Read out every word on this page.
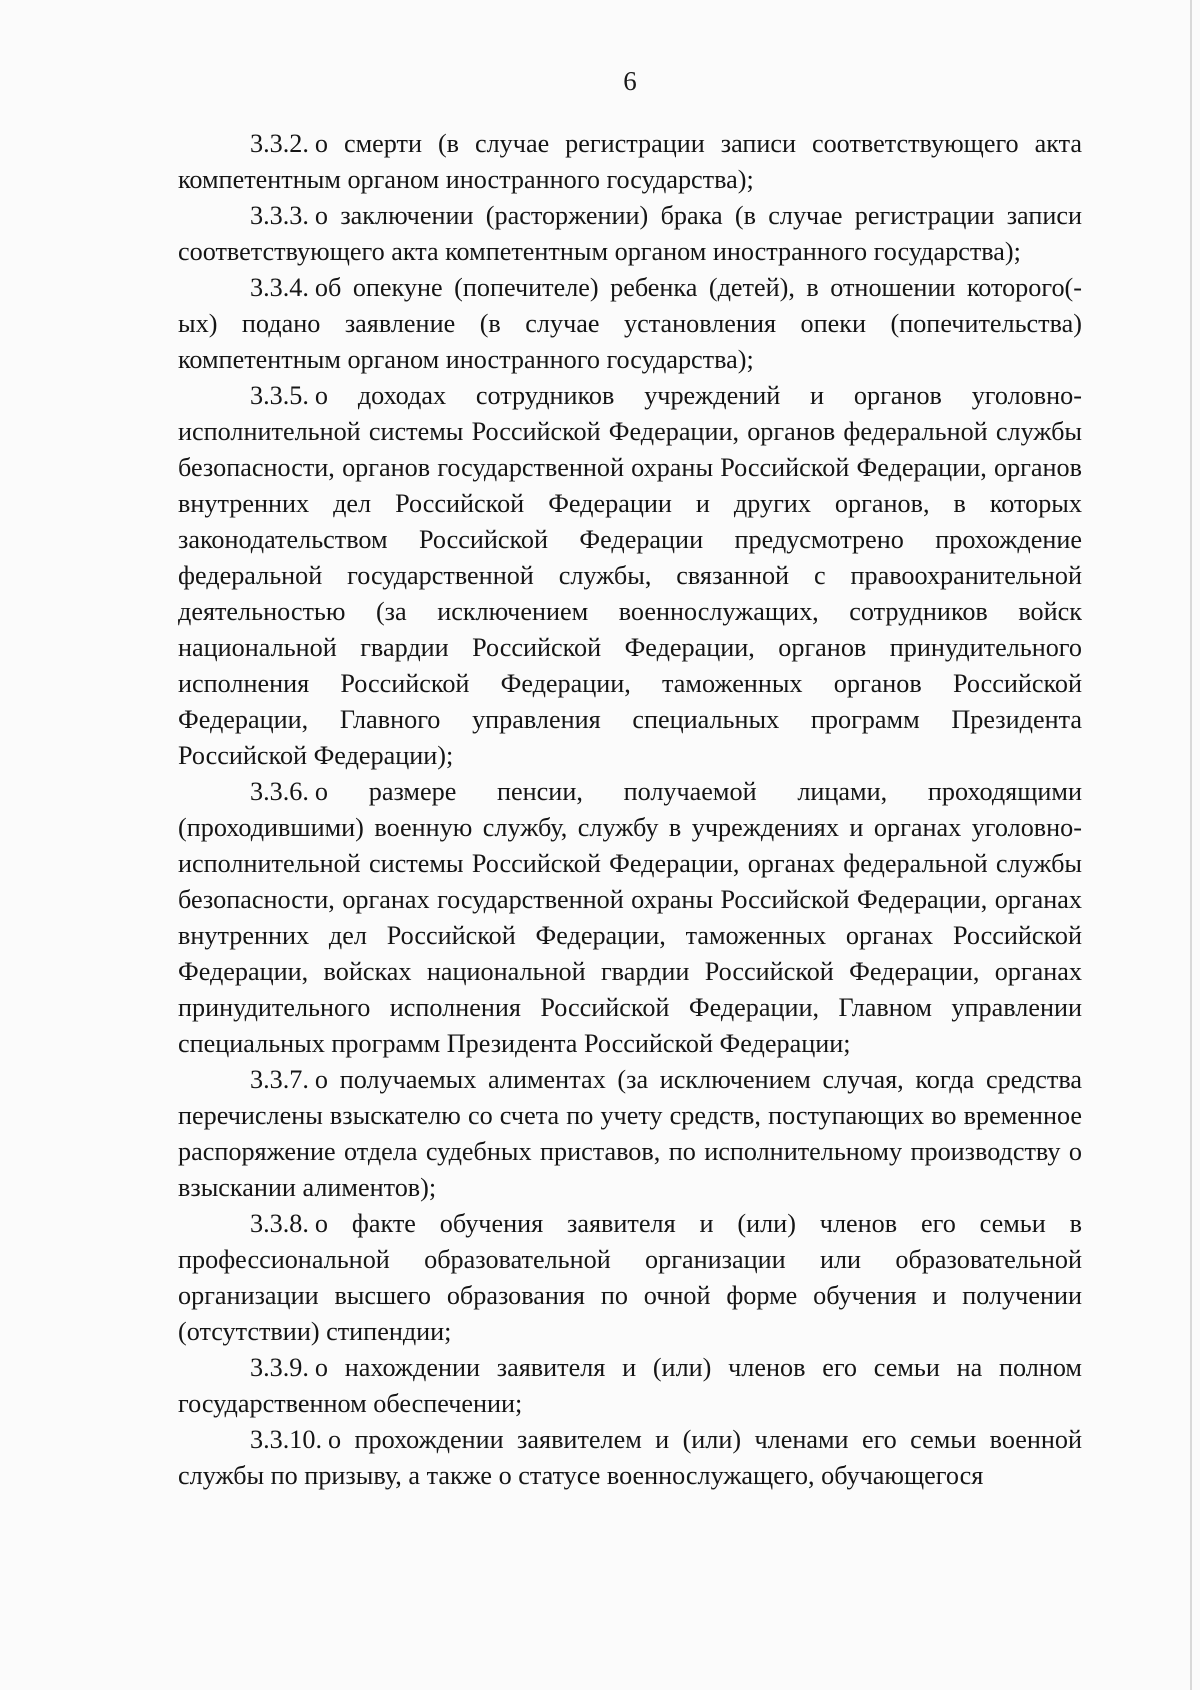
6

3.3.2. о смерти (в случае регистрации записи соответствующего акта компетентным органом иностранного государства);

3.3.3. о заключении (расторжении) брака (в случае регистрации записи соответствующего акта компетентным органом иностранного государства);

3.3.4. об опекуне (попечителе) ребенка (детей), в отношении которого(-ых) подано заявление (в случае установления опеки (попечительства) компетентным органом иностранного государства);

3.3.5. о доходах сотрудников учреждений и органов уголовно-исполнительной системы Российской Федерации, органов федеральной службы безопасности, органов государственной охраны Российской Федерации, органов внутренних дел Российской Федерации и других органов, в которых законодательством Российской Федерации предусмотрено прохождение федеральной государственной службы, связанной с правоохранительной деятельностью (за исключением военнослужащих, сотрудников войск национальной гвардии Российской Федерации, органов принудительного исполнения Российской Федерации, таможенных органов Российской Федерации, Главного управления специальных программ Президента Российской Федерации);

3.3.6. о размере пенсии, получаемой лицами, проходящими (проходившими) военную службу, службу в учреждениях и органах уголовно-исполнительной системы Российской Федерации, органах федеральной службы безопасности, органах государственной охраны Российской Федерации, органах внутренних дел Российской Федерации, таможенных органах Российской Федерации, войсках национальной гвардии Российской Федерации, органах принудительного исполнения Российской Федерации, Главном управлении специальных программ Президента Российской Федерации;

3.3.7. о получаемых алиментах (за исключением случая, когда средства перечислены взыскателю со счета по учету средств, поступающих во временное распоряжение отдела судебных приставов, по исполнительному производству о взыскании алиментов);

3.3.8. о факте обучения заявителя и (или) членов его семьи в профессиональной образовательной организации или образовательной организации высшего образования по очной форме обучения и получении (отсутствии) стипендии;

3.3.9. о нахождении заявителя и (или) членов его семьи на полном государственном обеспечении;

3.3.10. о прохождении заявителем и (или) членами его семьи военной службы по призыву, а также о статусе военнослужащего, обучающегося
